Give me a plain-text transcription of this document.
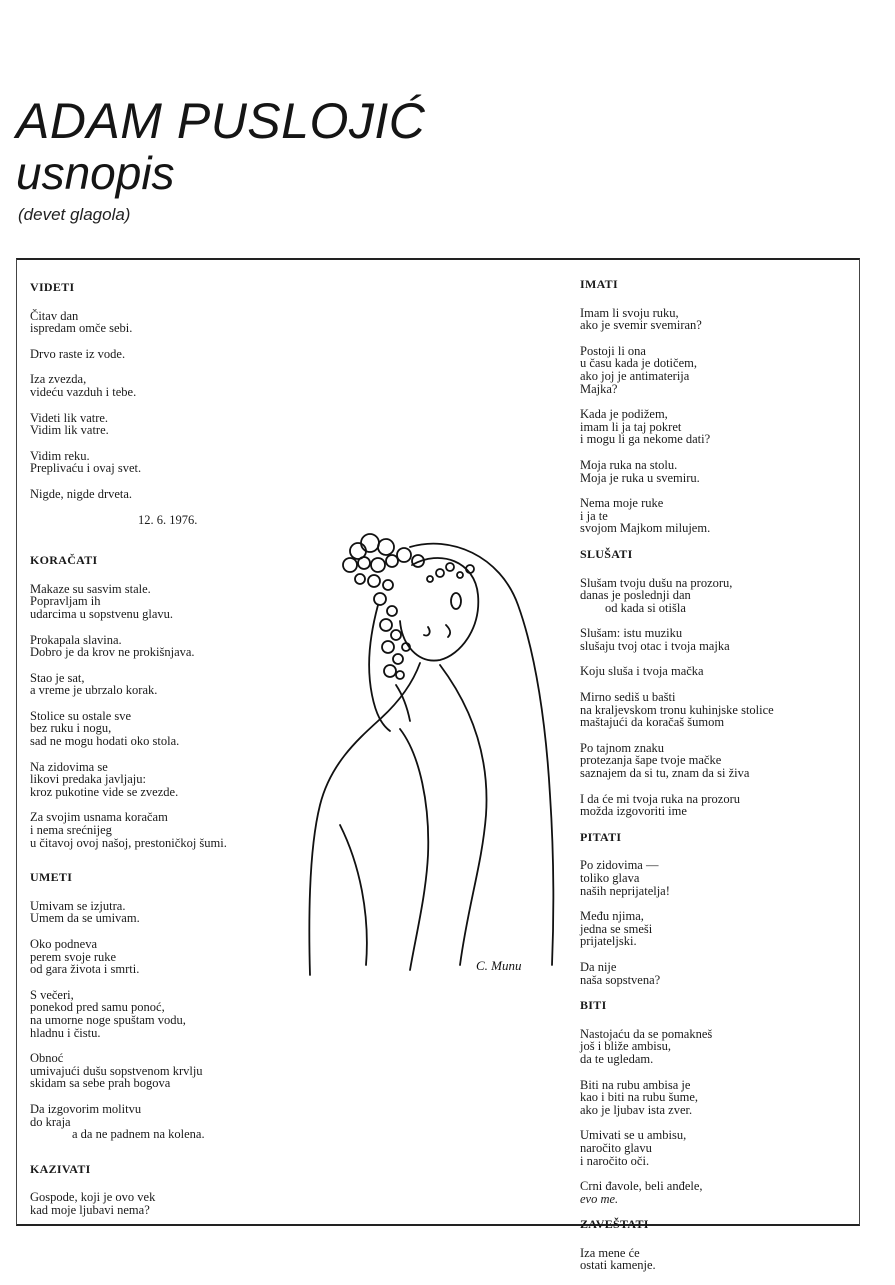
ADAM PUSLOJIĆ
usnopis
(devet glagola)
VIDETI
Čitav dan
ispredam omče sebi.
Drvo raste iz vode.
Iza zvezda,
videću vazduh i tebe.
Videti lik vatre.
Vidim lik vatre.
Vidim reku.
Preplivaću i ovaj svet.
Nigde, nigde drveta.
12. 6. 1976.
KORAČATI
Makaze su sasvim stale.
Popravljam ih
udarcima u sopstvenu glavu.
Prokapala slavina.
Dobro je da krov ne prokišnjava.
Stao je sat,
a vreme je ubrzalo korak.
Stolice su ostale sve
bez ruku i nogu,
sad ne mogu hodati oko stola.
Na zidovima se
likovi predaka javljaju:
kroz pukotine vide se zvezde.
Za svojim usnama koračam
i nema srećnijeg
u čitavoj ovoj našoj, prestoničkoj šumi.
UMETI
Umivam se izjutra.
Umem da se umivam.
Oko podneva
perem svoje ruke
od gara života i smrti.
S večeri,
ponekod pred samu ponoć,
na umorne noge spuštam vodu,
hladnu i čistu.
Obnoć
umivajući dušu sopstvenom krvlju
skidam sa sebe prah bogova
Da izgovorim molitvu
do kraja
a da ne padnem na kolena.
KAZIVATI
Gospode, koji je ovo vek
kad moje ljubavi nema?
C. Munu
IMATI
Imam li svoju ruku,
ako je svemir svemiran?
Postoji li ona
u času kada je dotičem,
ako joj je antimaterija
Majka?
Kada je podižem,
imam li ja taj pokret
i mogu li ga nekome dati?
Moja ruka na stolu.
Moja je ruka u svemiru.
Nema moje ruke
i ja te
svojom Majkom milujem.
SLUŠATI
Slušam tvoju dušu na prozoru,
danas je poslednji dan
od kada si otišla
Slušam: istu muziku
slušaju tvoj otac i tvoja majka
Koju sluša i tvoja mačka
Mirno sediš u bašti
na kraljevskom tronu kuhinjske stolice
maštajući da koračaš šumom
Po tajnom znaku
protezanja šape tvoje mačke
saznajem da si tu, znam da si živa
I da će mi tvoja ruka na prozoru
možda izgovoriti ime
PITATI
Po zidovima —
toliko glava
naših neprijatelja!
Među njima,
jedna se smeši
prijateljski.
Da nije
naša sopstvena?
BITI
Nastojaću da se pomakneš
još i bliže ambisu,
da te ugledam.
Biti na rubu ambisa je
kao i biti na rubu šume,
ako je ljubav ista zver.
Umivati se u ambisu,
naročito glavu
i naročito oči.
Crni đavole, beli anđele,
evo me.
ZAVEŠTATI
Iza mene će
ostati kamenje.
